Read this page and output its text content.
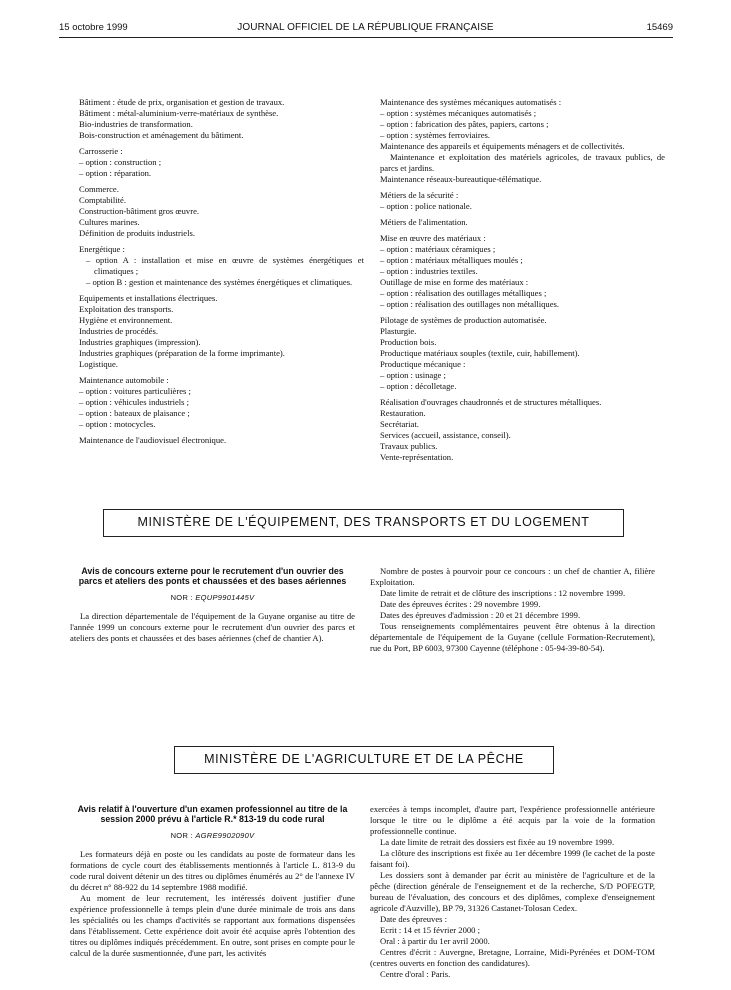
15 octobre 1999	JOURNAL OFFICIEL DE LA RÉPUBLIQUE FRANÇAISE	15469

Bâtiment : étude de prix, organisation et gestion de travaux.

Bâtiment : métal-aluminium-verre-matériaux de synthèse.

Bio-industries de transformation.

Bois-construction et aménagement du bâtiment.

Carrosserie :

– option : construction ;

– option : réparation.

Commerce.

Comptabilité.

Construction-bâtiment gros œuvre.

Cultures marines.

Définition de produits industriels.

Energétique :

– option A : installation et mise en œuvre de systèmes énergétiques et climatiques ;

– option B : gestion et maintenance des systèmes énergétiques et climatiques.

Equipements et installations électriques.

Exploitation des transports.

Hygiène et environnement.

Industries de procédés.

Industries graphiques (impression).

Industries graphiques (préparation de la forme imprimante).

Logistique.

Maintenance automobile :

– option : voitures particulières ;

– option : véhicules industriels ;

– option : bateaux de plaisance ;

– option : motocycles.

Maintenance de l'audiovisuel électronique.

Maintenance des systèmes mécaniques automatisés :

– option : systèmes mécaniques automatisés ;

– option : fabrication des pâtes, papiers, cartons ;

– option : systèmes ferroviaires.

Maintenance des appareils et équipements ménagers et de collectivités.

Maintenance et exploitation des matériels agricoles, de travaux publics, de parcs et jardins.

Maintenance réseaux-bureautique-télématique.

Métiers de la sécurité :

– option : police nationale.

Métiers de l'alimentation.

Mise en œuvre des matériaux :

– option : matériaux céramiques ;

– option : matériaux métalliques moulés ;

– option : industries textiles.

Outillage de mise en forme des matériaux :

– option : réalisation des outillages métalliques ;

– option : réalisation des outillages non métalliques.

Pilotage de systèmes de production automatisée.

Plasturgie.

Production bois.

Productique matériaux souples (textile, cuir, habillement).

Productique mécanique :

– option : usinage ;

– option : décolletage.

Réalisation d'ouvrages chaudronnés et de structures métalliques.

Restauration.

Secrétariat.

Services (accueil, assistance, conseil).

Travaux publics.

Vente-représentation.

MINISTÈRE DE L'ÉQUIPEMENT, DES TRANSPORTS ET DU LOGEMENT

Avis de concours externe pour le recrutement d'un ouvrier des parcs et ateliers des ponts et chaussées et des bases aériennes

NOR : EQUP9901445V

La direction départementale de l'équipement de la Guyane organise au titre de l'année 1999 un concours externe pour le recrutement d'un ouvrier des parcs et ateliers des ponts et chaussées et des bases aériennes (chef de chantier A).

Nombre de postes à pourvoir pour ce concours : un chef de chantier A, filière Exploitation.

Date limite de retrait et de clôture des inscriptions : 12 novembre 1999.

Date des épreuves écrites : 29 novembre 1999.

Dates des épreuves d'admission : 20 et 21 décembre 1999.

Tous renseignements complémentaires peuvent être obtenus à la direction départementale de l'équipement de la Guyane (cellule Formation-Recrutement), rue du Port, BP 6003, 97300 Cayenne (téléphone : 05-94-39-80-54).

MINISTÈRE DE L'AGRICULTURE ET DE LA PÊCHE

Avis relatif à l'ouverture d'un examen professionnel au titre de la session 2000 prévu à l'article R.* 813-19 du code rural

NOR : AGRE9902090V

Les formateurs déjà en poste ou les candidats au poste de formateur dans les formations de cycle court des établissements mentionnés à l'article L. 813-9 du code rural doivent détenir un des titres ou diplômes énumérés au 2° de l'annexe IV du décret n° 88-922 du 14 septembre 1988 modifié.

Au moment de leur recrutement, les intéressés doivent justifier d'une expérience professionnelle à temps plein d'une durée minimale de trois ans dans les spécialités ou les champs d'activités se rapportant aux formations dispensées dans l'établissement. Cette expérience doit avoir été acquise après l'obtention des titres ou diplômes indiqués précédemment. En outre, sont prises en compte pour le calcul de la durée susmentionnée, d'une part, les activités

exercées à temps incomplet, d'autre part, l'expérience professionnelle antérieure lorsque le titre ou le diplôme a été acquis par la voie de la formation professionnelle continue.

La date limite de retrait des dossiers est fixée au 19 novembre 1999.

La clôture des inscriptions est fixée au 1er décembre 1999 (le cachet de la poste faisant foi).

Les dossiers sont à demander par écrit au ministère de l'agriculture et de la pêche (direction générale de l'enseignement et de la recherche, S/D POFEGTP, bureau de l'évaluation, des concours et des diplômes, complexe d'enseignement agricole d'Auzville), BP 79, 31326 Castanet-Tolosan Cedex.

Date des épreuves :

Ecrit : 14 et 15 février 2000 ;

Oral : à partir du 1er avril 2000.

Centres d'écrit : Auvergne, Bretagne, Lorraine, Midi-Pyrénées et DOM-TOM (centres ouverts en fonction des candidatures).

Centre d'oral : Paris.
